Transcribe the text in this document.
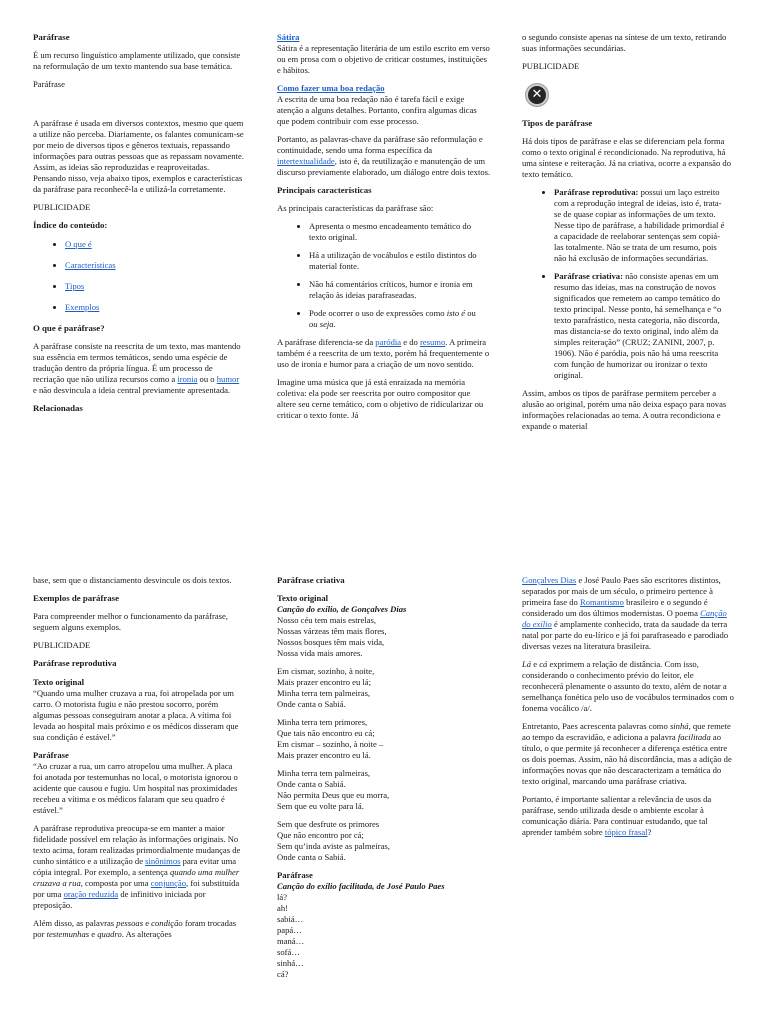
Paráfrase
É um recurso linguístico amplamente utilizado, que consiste na reformulação de um texto mantendo sua base temática.
Paráfrase
A paráfrase é usada em diversos contextos, mesmo que quem a utilize não perceba. Diariamente, os falantes comunicam-se por meio de diversos tipos e gêneros textuais, repassando informações para outras pessoas que as repassam novamente. Assim, as ideias são reproduzidas e reaproveitadas. Pensando nisso, veja abaixo tipos, exemplos e características da paráfrase para reconhecê-la e utilizá-la corretamente.
PUBLICIDADE
Índice do conteúdo:
• O que é
• Características
• Tipos
• Exemplos
O que é paráfrase?
A paráfrase consiste na reescrita de um texto, mas mantendo sua essência em termos temáticos, sendo uma espécie de tradução dentro da própria língua. É um processo de recriação que não utiliza recursos como a ironia ou o humor e não desvincula a ideia central previamente apresentada.
Relacionadas
Sátira
Sátira é a representação literária de um estilo escrito em verso ou em prosa com o objetivo de criticar costumes, instituições e hábitos.
Como fazer uma boa redação
A escrita de uma boa redação não é tarefa fácil e exige atenção a alguns detalhes. Portanto, confira algumas dicas que podem contribuir com esse processo.
Portanto, as palavras-chave da paráfrase são reformulação e continuidade, sendo uma forma específica da intertextualidade, isto é, da reutilização e manutenção de um discurso previamente elaborado, um diálogo entre dois textos.
Principais características
As principais características da paráfrase são:
• Apresenta o mesmo encadeamento temático do texto original.
• Há a utilização de vocábulos e estilo distintos do material fonte.
• Não há comentários críticos, humor e ironia em relação às ideias parafraseadas.
• Pode ocorrer o uso de expressões como isto é ou ou seja.
A paráfrase diferencia-se da paródia e do resumo. A primeira também é a reescrita de um texto, porém há frequentemente o uso de ironia e humor para a criação de um novo sentido.
Imagine uma música que já está enraizada na memória coletiva: ela pode ser reescrita por outro compositor que altere seu cerne temático, com o objetivo de ridicularizar ou criticar o texto fonte. Já
o segundo consiste apenas na síntese de um texto, retirando suas informações secundárias.
PUBLICIDADE
✕
Tipos de paráfrase
Há dois tipos de paráfrase e elas se diferenciam pela forma como o texto original é recondicionado. Na reprodutiva, há uma síntese e reiteração. Já na criativa, ocorre a expansão do texto temático.
• Paráfrase reprodutiva: possui um laço estreito com a reprodução integral de ideias, isto é, trata-se de quase copiar as informações de um texto. Nesse tipo de paráfrase, a habilidade primordial é a capacidade de reelaborar sentenças sem copiá-las totalmente. Não se trata de um resumo, pois não há exclusão de informações secundárias.
• Paráfrase criativa: não consiste apenas em um resumo das ideias, mas na construção de novos significados que remetem ao campo temático do texto principal. Nesse ponto, há semelhança e “o texto parafrástico, nesta categoria, não discorda, mas distancia-se do texto original, indo além da simples reiteração” (CRUZ; ZANINI, 2007, p. 1906). Não é paródia, pois não há uma reescrita com função de humorizar ou ironizar o texto original.
Assim, ambos os tipos de paráfrase permitem perceber a alusão ao original, porém uma não deixa espaço para novas informações relacionadas ao tema. A outra recondiciona e expande o material
base, sem que o distanciamento desvincule os dois textos.
Exemplos de paráfrase
Para compreender melhor o funcionamento da paráfrase, seguem alguns exemplos.
PUBLICIDADE
Paráfrase reprodutiva
Texto original
“Quando uma mulher cruzava a rua, foi atropelada por um carro. O motorista fugiu e não prestou socorro, porém algumas pessoas conseguiram anotar a placa. A vítima foi levada ao hospital mais próximo e os médicos disseram que sua condição é estável.”
Paráfrase
“Ao cruzar a rua, um carro atropelou uma mulher. A placa foi anotada por testemunhas no local, o motorista ignorou o acidente que causou e fugiu. Um hospital nas proximidades recebeu a vítima e os médicos falaram que seu quadro é estável.”
A paráfrase reprodutiva preocupa-se em manter a maior fidelidade possível em relação às informações originais. No texto acima, foram realizadas primordialmente mudanças de cunho sintático e a utilização de sinônimos para evitar uma cópia integral. Por exemplo, a sentença quando uma mulher cruzava a rua, composta por uma conjunção, foi substituída por uma oração reduzida de infinitivo iniciada por preposição.
Além disso, as palavras pessoas e condição foram trocadas por testemunhas e quadro. As alterações
Paráfrase criativa
Texto original
Canção do exílio, de Gonçalves Dias
Nosso céu tem mais estrelas,
Nossas várzeas têm mais flores,
Nossos bosques têm mais vida,
Nossa vida mais amores.
Em cismar, sozinho, à noite,
Mais prazer encontro eu lá;
Minha terra tem palmeiras,
Onde canta o Sabiá.
Minha terra tem primores,
Que tais não encontro eu cá;
Em cismar – sozinho, à noite –
Mais prazer encontro eu lá.
Minha terra tem palmeiras,
Onde canta o Sabiá.
Não permita Deus que eu morra,
Sem que eu volte para lá.
Sem que desfrute os primores
Que não encontro por cá;
Sem qu’inda aviste as palmeiras,
Onde canta o Sabiá.
Paráfrase
Canção do exílio facilitada, de José Paulo Paes
lá?
ah!
sabiá…
papá…
maná…
sofá…
sinhá…
cá?
Gonçalves Dias e José Paulo Paes são escritores distintos, separados por mais de um século, o primeiro pertence à primeira fase do Romantismo brasileiro e o segundo é considerado um dos últimos modernistas. O poema Canção do exílio é amplamente conhecido, trata da saudade da terra natal por parte do eu-lírico e já foi parafraseado e parodiado diversas vezes na literatura brasileira.
Lá e cá exprimem a relação de distância. Com isso, considerando o conhecimento prévio do leitor, ele reconhecerá plenamente o assunto do texto, além de notar a semelhança fonética pelo uso de vocábulos terminados com o fonema vocálico /a/.
Entretanto, Paes acrescenta palavras como sinhá, que remete ao tempo da escravidão, e adiciona a palavra facilitada ao título, o que permite já reconhecer a diferença estética entre os dois poemas. Assim, não há discordância, mas a adição de informações novas que não descaracterizam a temática do texto original, marcando uma paráfrase criativa.
Portanto, é importante salientar a relevância de usos da paráfrase, sendo utilizada desde o ambiente escolar à comunicação diária. Para continuar estudando, que tal aprender também sobre tópico frasal?
